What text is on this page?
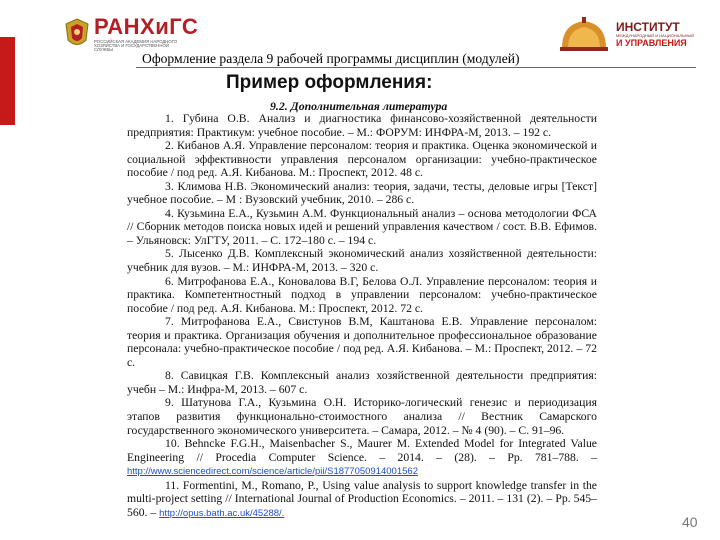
РАНХиГС
РОССИЙСКАЯ АКАДЕМИЯ НАРОДНОГО ХОЗЯЙСТВА И ГОСУДАРСТВЕННОЙ СЛУЖБЫ
ИНСТИТУТ
МЕЖДУНАРОДНЫЙ И НАЦИОНАЛЬНЫЙ
И УПРАВЛЕНИЯ
Оформление раздела 9 рабочей программы дисциплин (модулей)
Пример оформления:
9.2. Дополнительная литература

1. Губина О.В. Анализ и диагностика финансово-хозяйственной деятельности предприятия: Практикум: учебное пособие. – М.: ФОРУМ: ИНФРА-М, 2013. – 192 с.

2. Кибанов А.Я. Управление персоналом: теория и практика. Оценка экономической и социальной эффективности управления персоналом организации: учебно-практическое пособие / под ред. А.Я. Кибанова. М.: Проспект, 2012. 48 с.

3. Климова Н.В. Экономический анализ: теория, задачи, тесты, деловые игры [Текст] учебное пособие. – М : Вузовский учебник, 2010. – 286 с.

4. Кузьмина Е.А., Кузьмин А.М. Функциональный анализ – основа методологии ФСА // Сборник методов поиска новых идей и решений управления качеством / сост. В.В. Ефимов. – Ульяновск: УлГТУ, 2011. – С. 172–180 с. – 194 с.

5. Лысенко Д.В. Комплексный экономический анализ хозяйственной деятельности: учебник для вузов. – М.: ИНФРА-М, 2013. – 320 с.

6. Митрофанова Е.А., Коновалова В.Г, Белова О.Л. Управление персоналом: теория и практика. Компетентностный подход в управлении персоналом: учебно-практическое пособие / под ред. А.Я. Кибанова. М.: Проспект, 2012. 72 с.

7. Митрофанова Е.А., Свистунов В.М, Каштанова Е.В. Управление персоналом: теория и практика. Организация обучения и дополнительное профессиональное образование персонала: учебно-практическое пособие / под ред. А.Я. Кибанова. – М.: Проспект, 2012. – 72 с.

8. Савицкая Г.В. Комплексный анализ хозяйственной деятельности предприятия: учебн – М.: Инфра-М, 2013. – 607 с.

9. Шатунова Г.А., Кузьмина О.Н. Историко-логический генезис и периодизация этапов развития функционально-стоимостного анализа // Вестник Самарского государственного экономического университета. – Самара, 2012. – № 4 (90). – С. 91–96.

10. Behncke F.G.H., Maisenbacher S., Maurer M. Extended Model for Integrated Value Engineering // Procedia Computer Science. – 2014. – (28). – Pp. 781–788. – http://www.sciencedirect.com/science/article/pii/S1877050914001562

11. Formentini, M., Romano, P., Using value analysis to support knowledge transfer in the multi-project setting // International Journal of Production Economics. – 2011. – 131 (2). – Pp. 545–560. – http://opus.bath.ac.uk/45288/.

40
